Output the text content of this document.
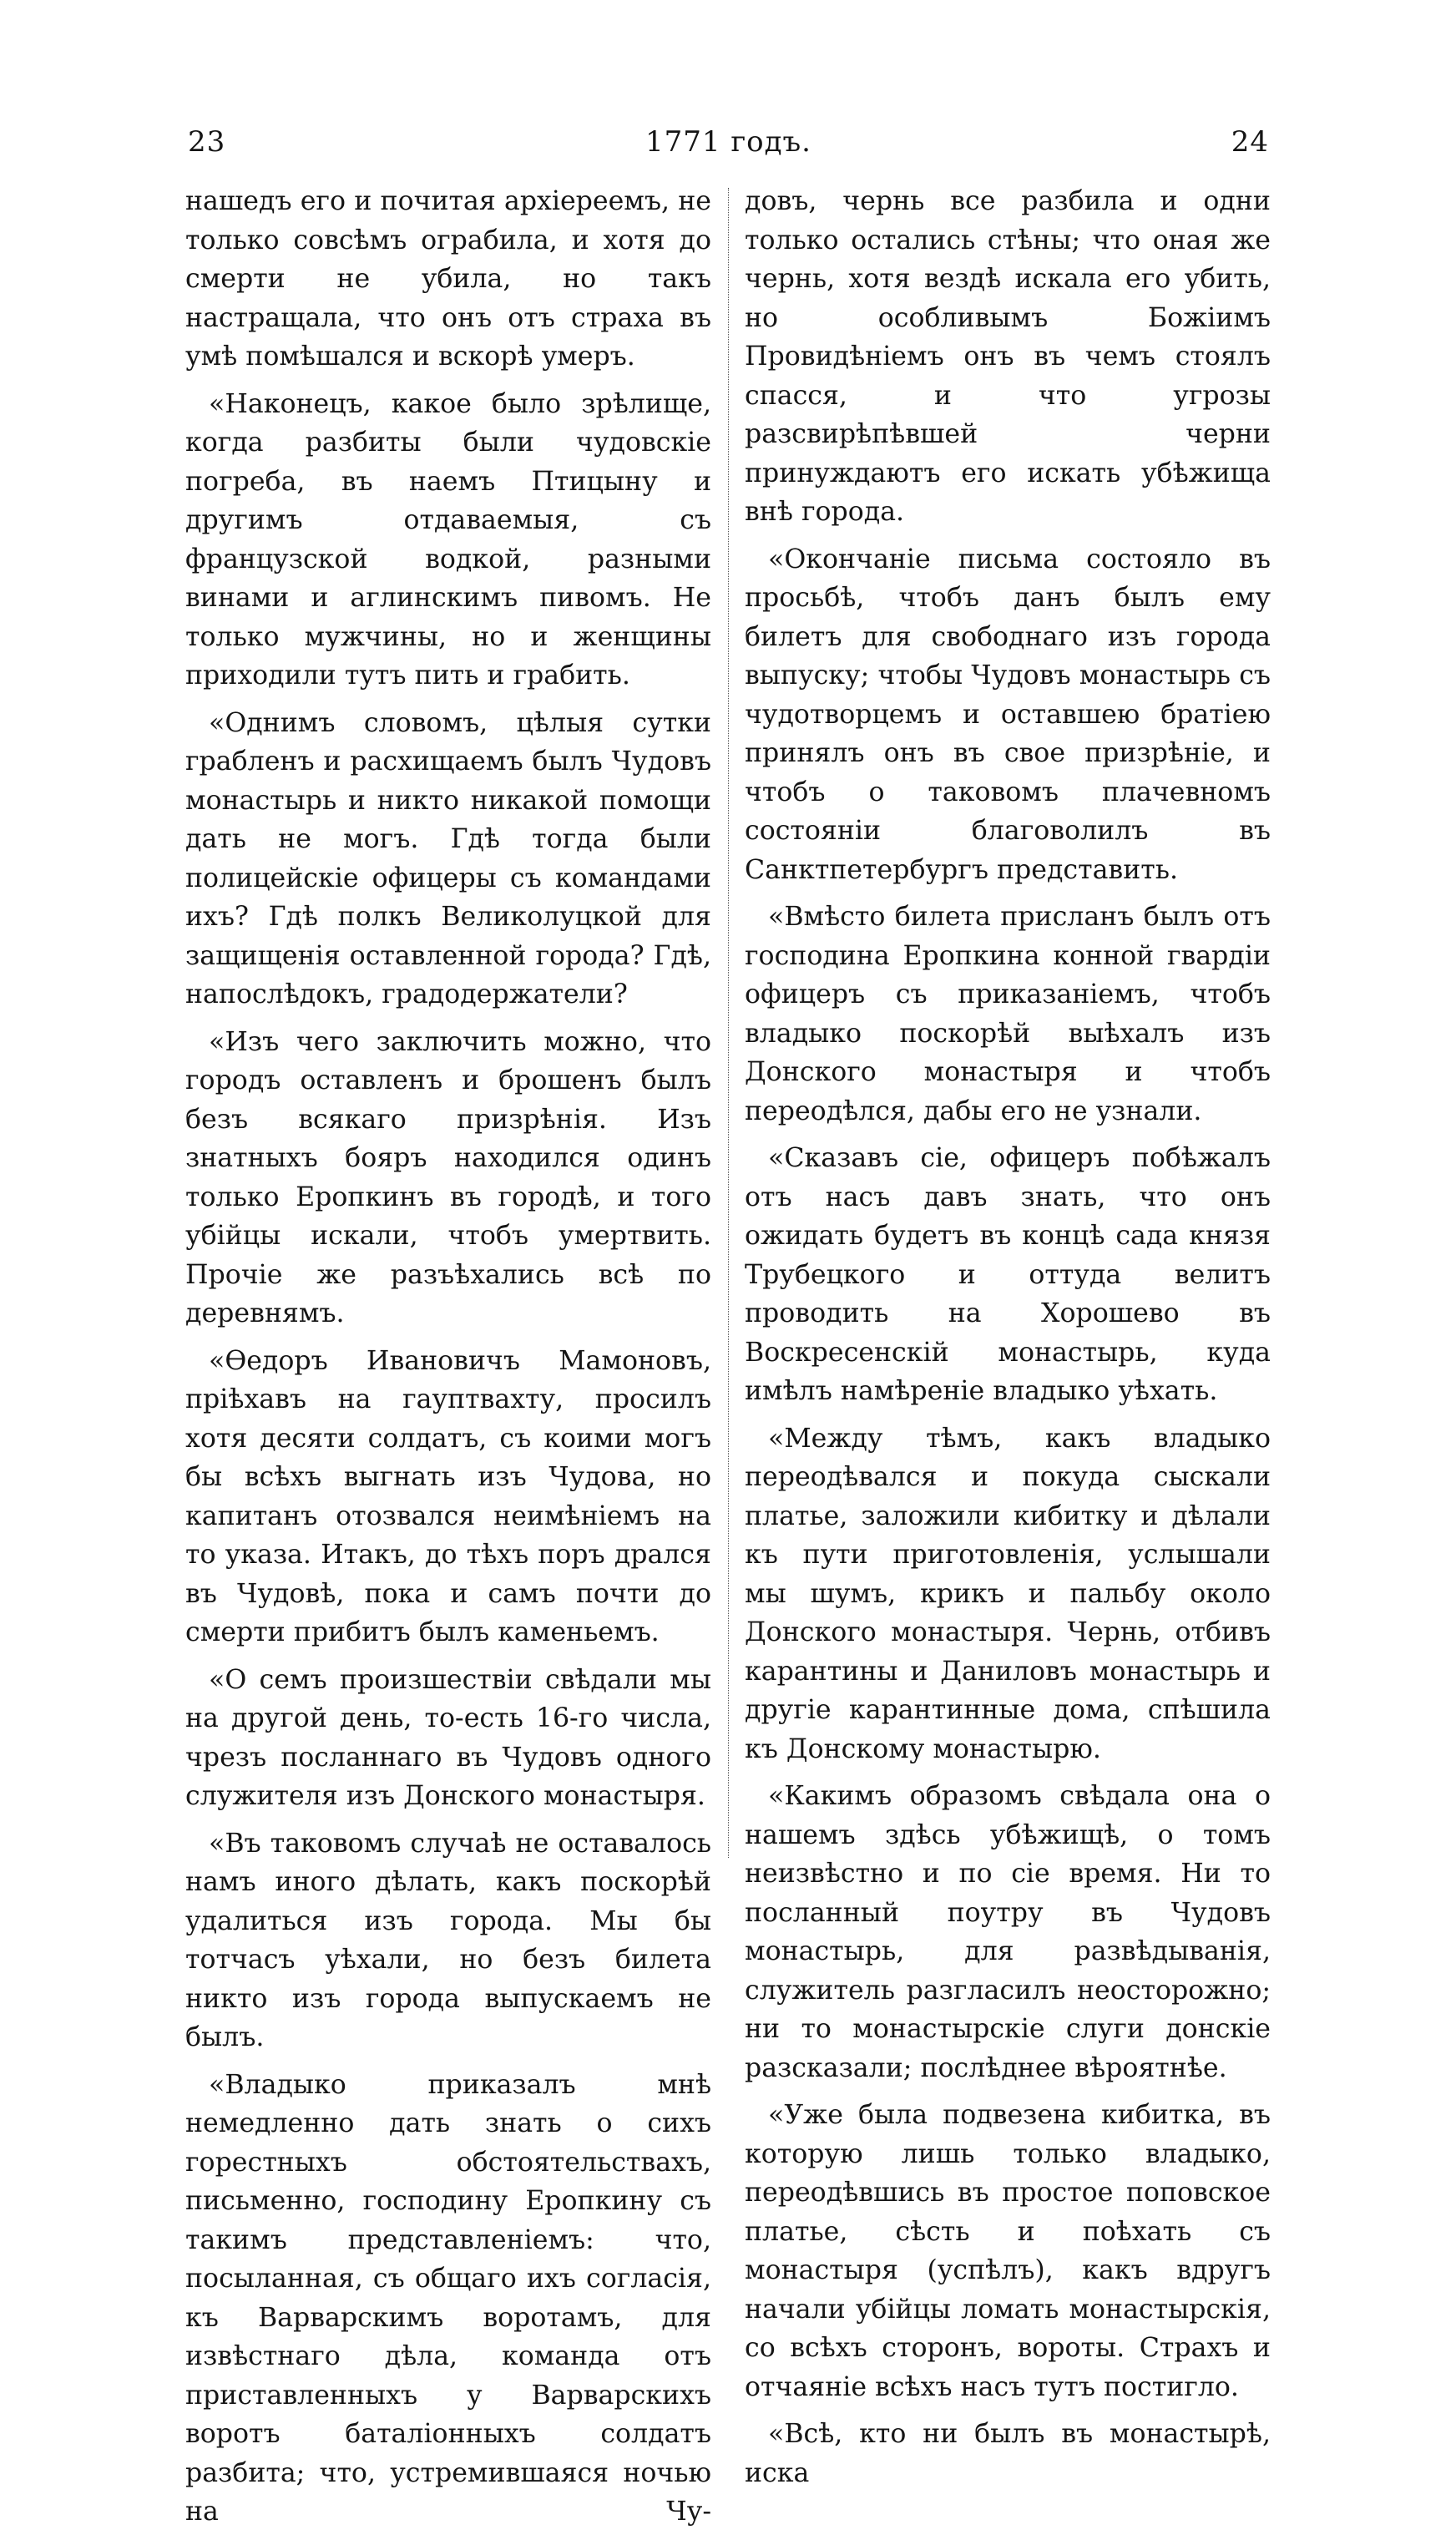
23	1771 годъ.	24

нашедъ его и почитая архіереемъ, не только совсѣмъ ограбила, и хотя до смерти не убила, но такъ настращала, что онъ отъ страха въ умѣ помѣшался и вскорѣ умеръ.

«Наконецъ, какое было зрѣлище, когда разбиты были чудовскіе погреба, въ наемъ Птицыну и другимъ отдаваемыя, съ французской водкой, разными винами и аглинскимъ пивомъ. Не только мужчины, но и женщины приходили тутъ пить и грабить.

«Однимъ словомъ, цѣлыя сутки грабленъ и расхищаемъ былъ Чудовъ монастырь и никто никакой помощи дать не могъ. Гдѣ тогда были полицейскіе офицеры съ командами ихъ? Гдѣ полкъ Великолуцкой для защищенія оставленной города? Гдѣ, напослѣдокъ, градодержатели?

«Изъ чего заключить можно, что городъ оставленъ и брошенъ былъ безъ всякаго призрѣнія. Изъ знатныхъ бояръ находился одинъ только Еропкинъ въ городѣ, и того убійцы искали, чтобъ умертвить. Прочіе же разъѣхались всѣ по деревнямъ.

«Ѳедоръ Ивановичъ Мамоновъ, пріѣхавъ на гауптвахту, просилъ хотя десяти солдатъ, съ коими могъ бы всѣхъ выгнать изъ Чудова, но капитанъ отозвался неимѣніемъ на то указа. Итакъ, до тѣхъ поръ дрался въ Чудовѣ, пока и самъ почти до смерти прибитъ былъ каменьемъ.

«О семъ произшествіи свѣдали мы на другой день, то-есть 16-го числа, чрезъ посланнаго въ Чудовъ одного служителя изъ Донского монастыря.

«Въ таковомъ случаѣ не оставалось намъ иного дѣлать, какъ поскорѣй удалиться изъ города. Мы бы тотчасъ уѣхали, но безъ билета никто изъ города выпускаемъ не былъ.

«Владыко приказалъ мнѣ немедленно дать знать о сихъ горестныхъ обстоятельствахъ, письменно, господину Еропкину съ такимъ представленіемъ: что, посыланная, съ общаго ихъ согласія, къ Варварскимъ воротамъ, для извѣстнаго дѣла, команда отъ приставленныхъ у Варварскихъ воротъ баталіонныхъ солдатъ разбита; что, устремившаяся ночью на Чу-

довъ, чернь все разбила и одни только остались стѣны; что оная же чернь, хотя вездѣ искала его убить, но особливымъ Божіимъ Провидѣніемъ онъ въ чемъ стоялъ спасся, и что угрозы разсвирѣпѣвшей черни принуждаютъ его искать убѣжища внѣ города.

«Окончаніе письма состояло въ просьбѣ, чтобъ данъ былъ ему билетъ для свободнаго изъ города выпуску; чтобы Чудовъ монастырь съ чудотворцемъ и оставшею братіею принялъ онъ въ свое призрѣніе, и чтобъ о таковомъ плачевномъ состояніи благоволилъ въ Санктпетербургъ представить.

«Вмѣсто билета присланъ былъ отъ господина Еропкина конной гвардіи офицеръ съ приказаніемъ, чтобъ владыко поскорѣй выѣхалъ изъ Донского монастыря и чтобъ переодѣлся, дабы его не узнали.

«Сказавъ сіе, офицеръ побѣжалъ отъ насъ давъ знать, что онъ ожидать будетъ въ концѣ сада князя Трубецкого и оттуда велитъ проводить на Хорошево въ Воскресенскій монастырь, куда имѣлъ намѣреніе владыко уѣхать.

«Между тѣмъ, какъ владыко переодѣвался и покуда сыскали платье, заложили кибитку и дѣлали къ пути приготовленія, услышали мы шумъ, крикъ и пальбу около Донского монастыря. Чернь, отбивъ карантины и Даниловъ монастырь и другіе карантинные дома, спѣшила къ Донскому монастырю.

«Какимъ образомъ свѣдала она о нашемъ здѣсь убѣжищѣ, о томъ неизвѣстно и по сіе время. Ни то посланный поутру въ Чудовъ монастырь, для развѣдыванія, служитель разгласилъ неосторожно; ни то монастырскіе слуги донскіе разсказали; послѣднее вѣроятнѣе.

«Уже была подвезена кибитка, въ которую лишь только владыко, переодѣвшись въ простое поповское платье, сѣсть и поѣхать съ монастыря (успѣлъ), какъ вдругъ начали убійцы ломать монастырскія, со всѣхъ сторонъ, вороты. Страхъ и отчаяніе всѣхъ насъ тутъ постигло.

«Всѣ, кто ни былъ въ монастырѣ, иска
